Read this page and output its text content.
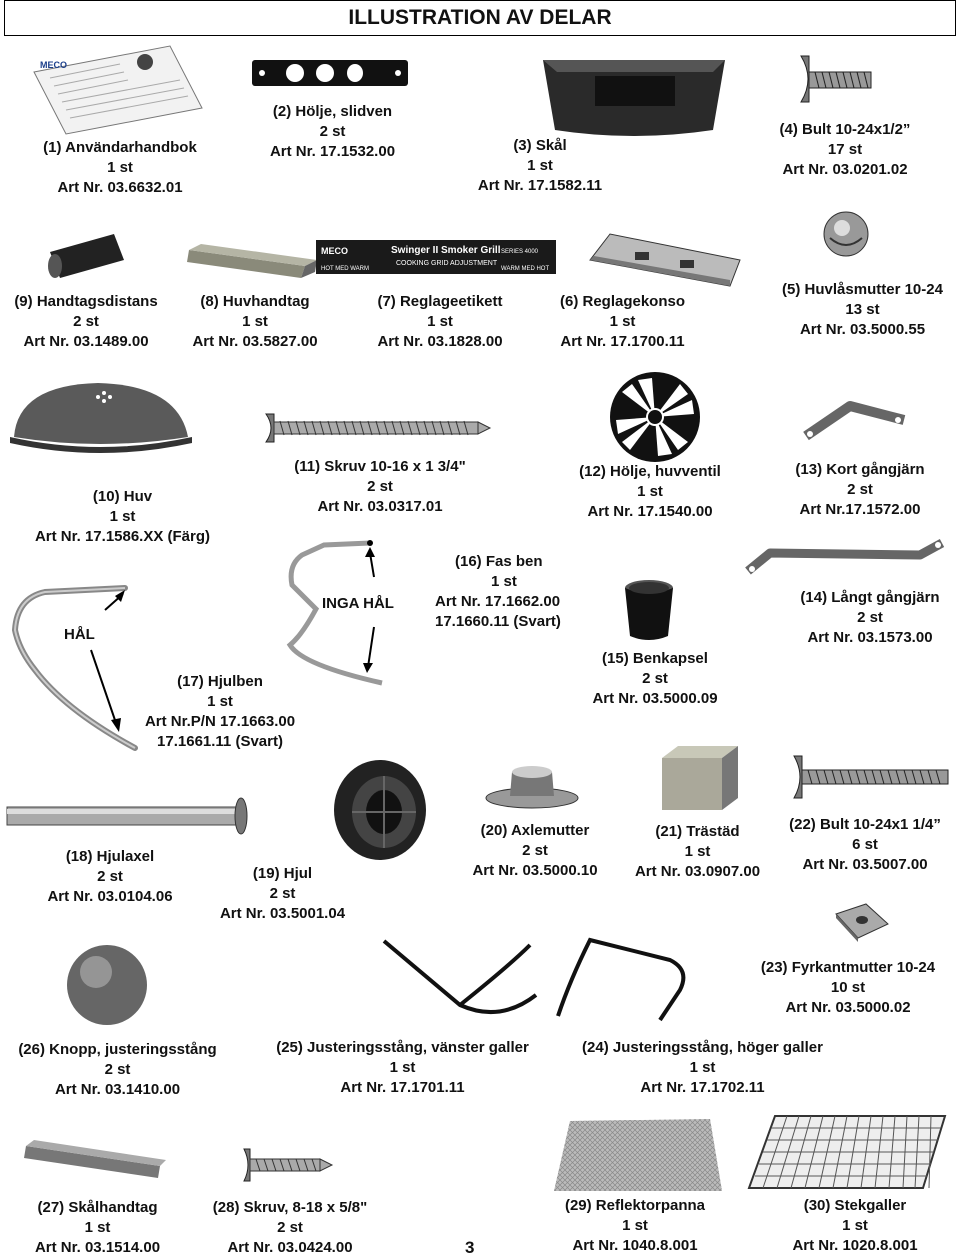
ILLUSTRATION AV DELAR
MECO
Swinger II Smoker Grill SERIES 4000
COOKING GRID ADJUSTMENT
HOT MED WARM	WARM MED HOT
MECO
HÅL
INGA HÅL
(1) Användarhandbok
1 st
Art Nr. 03.6632.01
(2) Hölje, slidven
2 st
Art Nr. 17.1532.00	(3) Skål
1 st
Art Nr. 17.1582.11
(4) Bult 10-24x1/2”
17 st
Art Nr. 03.0201.02
(9) Handtagsdistans
2 st
Art Nr. 03.1489.00
(8) Huvhandtag
1 st
Art Nr. 03.5827.00
(7) Reglageetikett
1 st
Art Nr. 03.1828.00
(6) Reglagekonso
1 st
Art Nr. 17.1700.11
(5) Huvlåsmutter 10-24
13 st
Art Nr. 03.5000.55
(10) Huv
1 st
Art Nr. 17.1586.XX (Färg)
(11) Skruv 10-16 x 1 3/4"
2 st
Art Nr. 03.0317.01
(12) Hölje, huvventil
1 st
Art Nr. 17.1540.00
(13) Kort gångjärn
2 st
Art Nr.17.1572.00
(16) Fas ben
1 st
Art Nr. 17.1662.00
17.1660.11 (Svart)
(14) Långt gångjärn
2 st
Art Nr. 03.1573.00
(15) Benkapsel
2 st
Art Nr. 03.5000.09
(17) Hjulben
1 st
Art Nr.P/N 17.1663.00
17.1661.11 (Svart)
(18) Hjulaxel
2 st
Art Nr. 03.0104.06
(19) Hjul
2 st
Art Nr. 03.5001.04
(20) Axlemutter
2 st
Art Nr. 03.5000.10
(21) Trästäd
1 st
Art Nr. 03.0907.00
(22) Bult 10-24x1 1/4”
6 st
Art Nr. 03.5007.00
(23) Fyrkantmutter 10-24
10 st
Art Nr. 03.5000.02
(26) Knopp, justeringsstång
2 st
Art Nr. 03.1410.00
(25) Justeringsstång, vänster galler
1 st
Art Nr. 17.1701.11
(24) Justeringsstång, höger galler
1 st
Art Nr. 17.1702.11
(27) Skålhandtag
1 st
Art Nr. 03.1514.00
(28) Skruv, 8-18 x 5/8"
2 st
Art Nr. 03.0424.00
(29) Reflektorpanna
1 st
Art Nr. 1040.8.001
(30) Stekgaller
1 st
Art Nr. 1020.8.001
3
